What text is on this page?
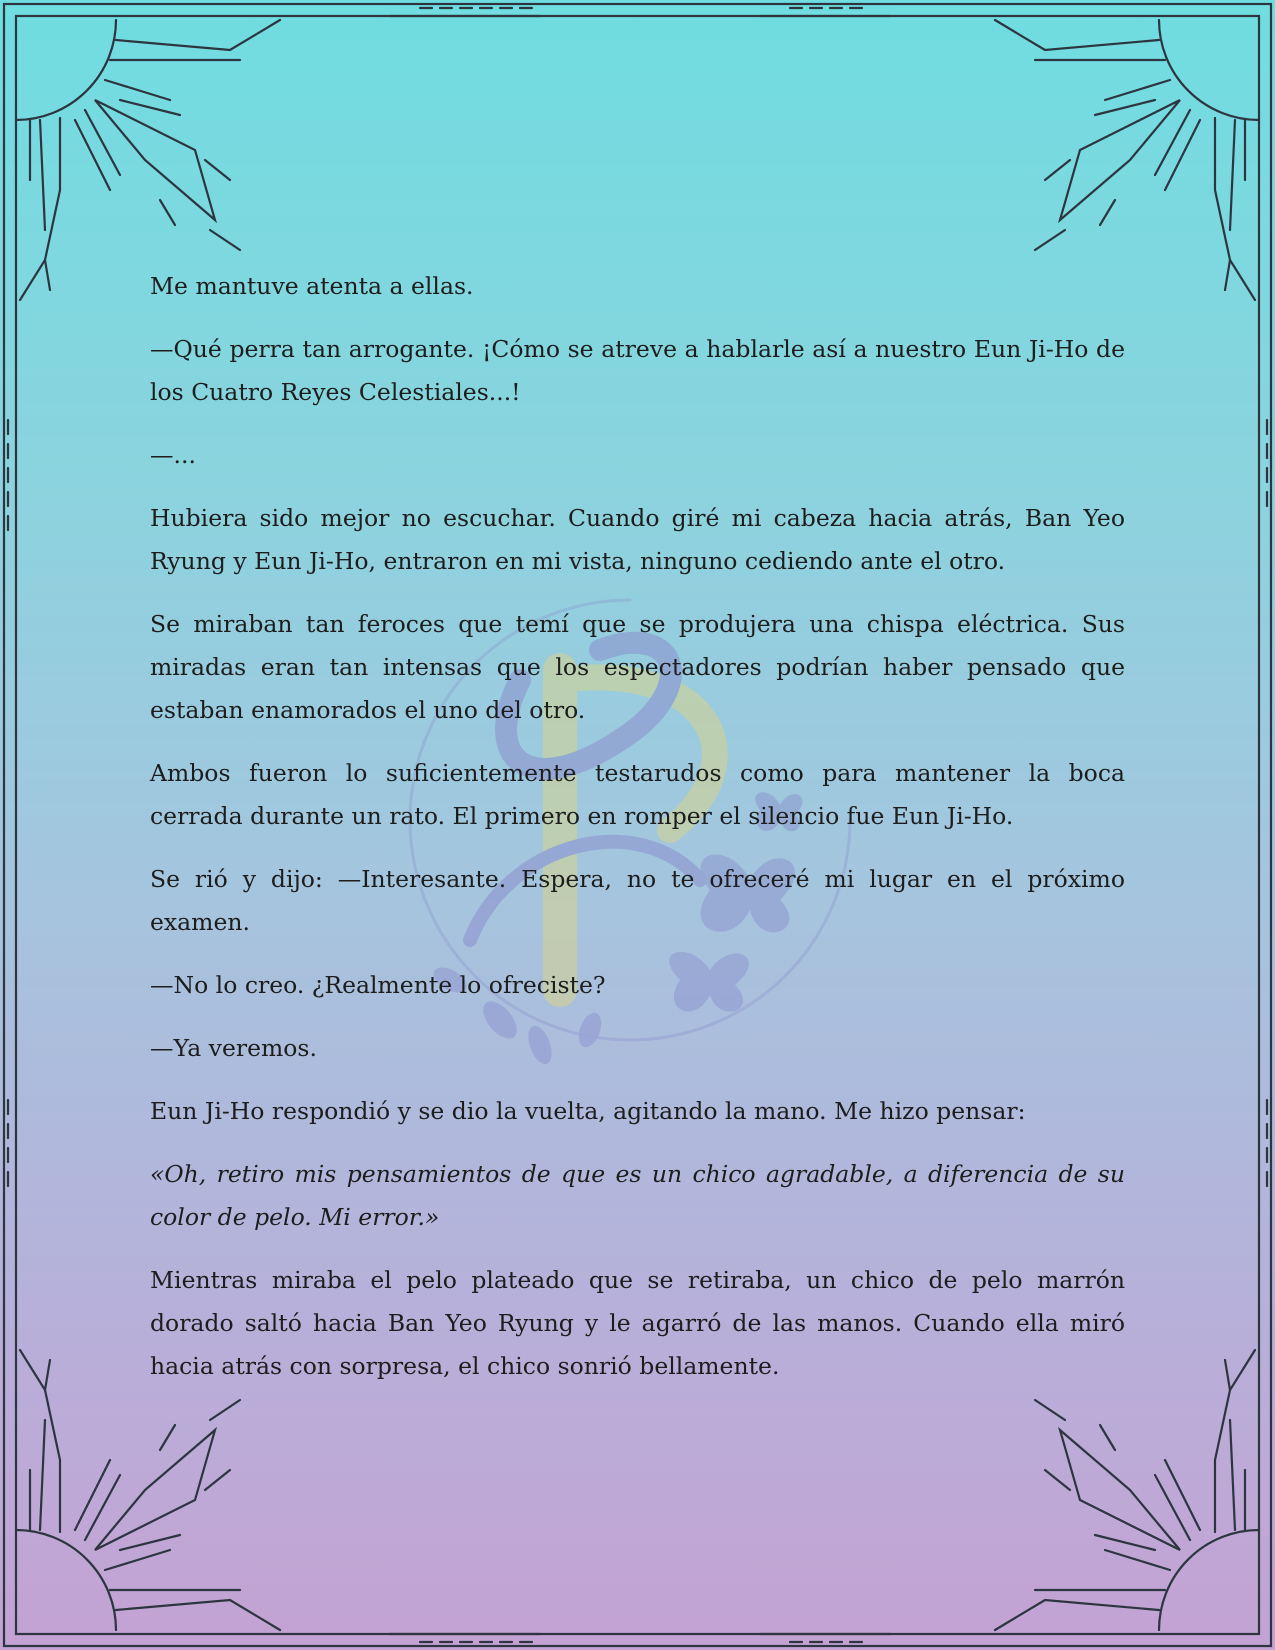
Me mantuve atenta a ellas.

—Qué perra tan arrogante. ¡Cómo se atreve a hablarle así a nuestro Eun Ji-Ho de los Cuatro Reyes Celestiales...!

—...

Hubiera sido mejor no escuchar. Cuando giré mi cabeza hacia atrás, Ban Yeo Ryung y Eun Ji-Ho, entraron en mi vista, ninguno cediendo ante el otro.

Se miraban tan feroces que temí que se produjera una chispa eléctrica. Sus miradas eran tan intensas que los espectadores podrían haber pensado que estaban enamorados el uno del otro.

Ambos fueron lo suficientemente testarudos como para mantener la boca cerrada durante un rato. El primero en romper el silencio fue Eun Ji-Ho.

Se rió y dijo: —Interesante. Espera, no te ofreceré mi lugar en el próximo examen.

—No lo creo. ¿Realmente lo ofreciste?

—Ya veremos.

Eun Ji-Ho respondió y se dio la vuelta, agitando la mano. Me hizo pensar:

«Oh, retiro mis pensamientos de que es un chico agradable, a diferencia de su color de pelo. Mi error.»

Mientras miraba el pelo plateado que se retiraba, un chico de pelo marrón dorado saltó hacia Ban Yeo Ryung y le agarró de las manos. Cuando ella miró hacia atrás con sorpresa, el chico sonrió bellamente.
